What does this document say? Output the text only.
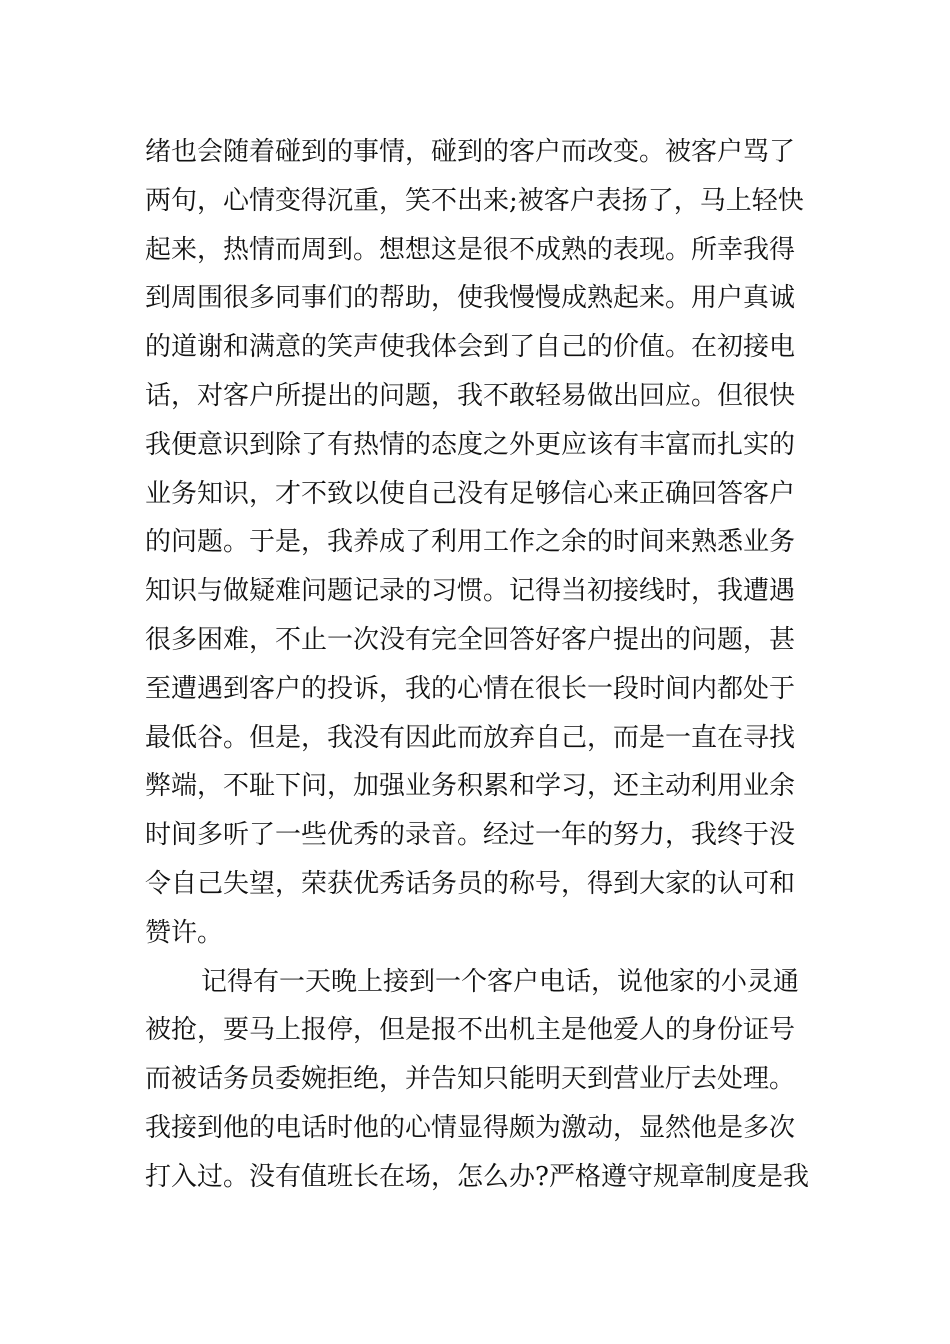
绪也会随着碰到的事情，碰到的客户而改变。被客户骂了
两句，心情变得沉重，笑不出来;被客户表扬了，马上轻快
起来，热情而周到。想想这是很不成熟的表现。所幸我得
到周围很多同事们的帮助，使我慢慢成熟起来。用户真诚
的道谢和满意的笑声使我体会到了自己的价值。在初接电
话，对客户所提出的问题，我不敢轻易做出回应。但很快
我便意识到除了有热情的态度之外更应该有丰富而扎实的
业务知识，才不致以使自己没有足够信心来正确回答客户
的问题。于是，我养成了利用工作之余的时间来熟悉业务
知识与做疑难问题记录的习惯。记得当初接线时，我遭遇
很多困难，不止一次没有完全回答好客户提出的问题，甚
至遭遇到客户的投诉，我的心情在很长一段时间内都处于
最低谷。但是，我没有因此而放弃自己，而是一直在寻找
弊端，不耻下问，加强业务积累和学习，还主动利用业余
时间多听了一些优秀的录音。经过一年的努力，我终于没
令自己失望，荣获优秀话务员的称号，得到大家的认可和
赞许。
记得有一天晚上接到一个客户电话，说他家的小灵通
被抢，要马上报停，但是报不出机主是他爱人的身份证号
而被话务员委婉拒绝，并告知只能明天到营业厅去处理。
我接到他的电话时他的心情显得颇为激动，显然他是多次
打入过。没有值班长在场，怎么办?严格遵守规章制度是我
